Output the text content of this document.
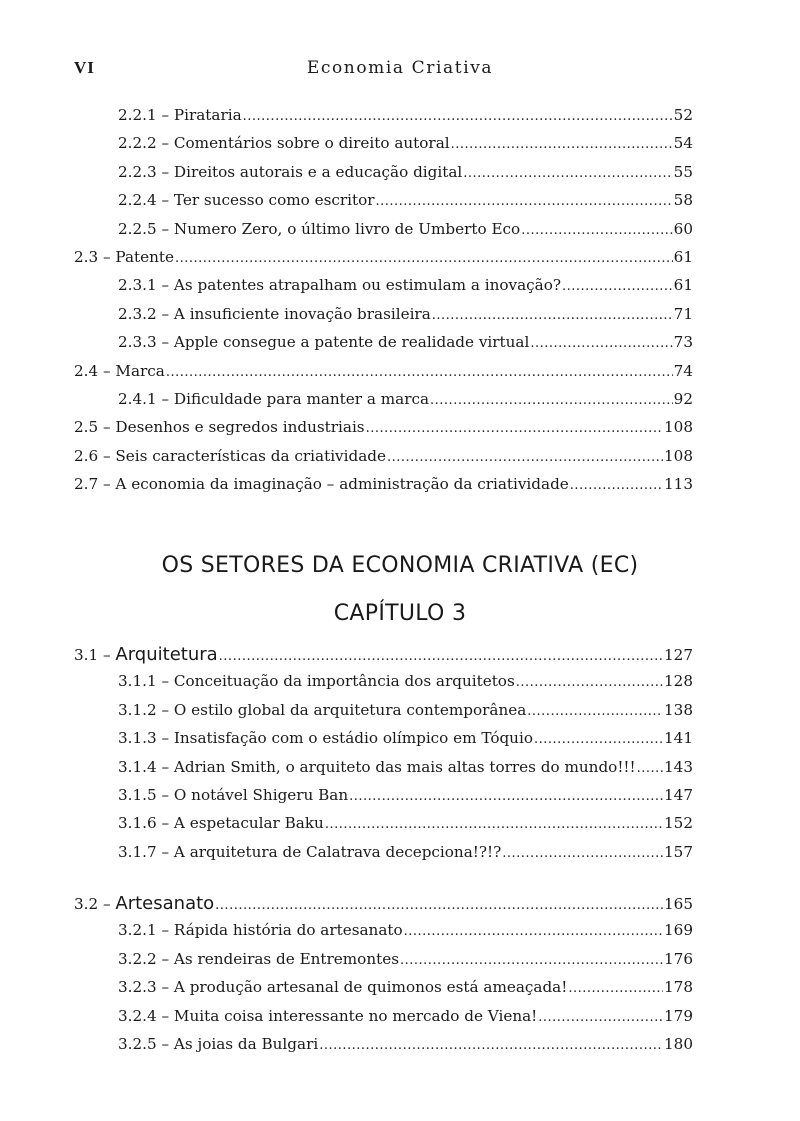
VI	Economia Criativa
2.2.1 – Pirataria .....	52
2.2.2 – Comentários sobre o direito autoral .....	54
2.2.3 – Direitos autorais e a educação digital .....	55
2.2.4 – Ter sucesso como escritor .....	58
2.2.5 – Numero Zero, o último livro de Umberto Eco .....	60
2.3 – Patente .....	61
2.3.1 – As patentes atrapalham ou estimulam a inovação? .....	61
2.3.2 – A insuficiente inovação brasileira .....	71
2.3.3 – Apple consegue a patente de realidade virtual .....	73
2.4 – Marca .....	74
2.4.1 – Dificuldade para manter a marca .....	92
2.5 – Desenhos e segredos industriais .....	108
2.6 – Seis características da criatividade .....	108
2.7 – A economia da imaginação – administração da criatividade .....	113
OS SETORES DA ECONOMIA CRIATIVA (EC)
CAPÍTULO 3
3.1 – Arquitetura .....	127
3.1.1 – Conceituação da importância dos arquitetos .....	128
3.1.2 – O estilo global da arquitetura contemporânea .....	138
3.1.3 – Insatisfação com o estádio olímpico em Tóquio .....	141
3.1.4 – Adrian Smith, o arquiteto das mais altas torres do mundo!!! ..... 143
3.1.5 – O notável Shigeru Ban .....	147
3.1.6 – A espetacular Baku .....	152
3.1.7 – A arquitetura de Calatrava decepciona!?!? .....	157
3.2 – Artesanato .....	165
3.2.1 – Rápida história do artesanato .....	169
3.2.2 – As rendeiras de Entremontes .....	176
3.2.3 – A produção artesanal de quimonos está ameaçada! .....	178
3.2.4 – Muita coisa interessante no mercado de Viena! .....	179
3.2.5 – As joias da Bulgari .....	180
